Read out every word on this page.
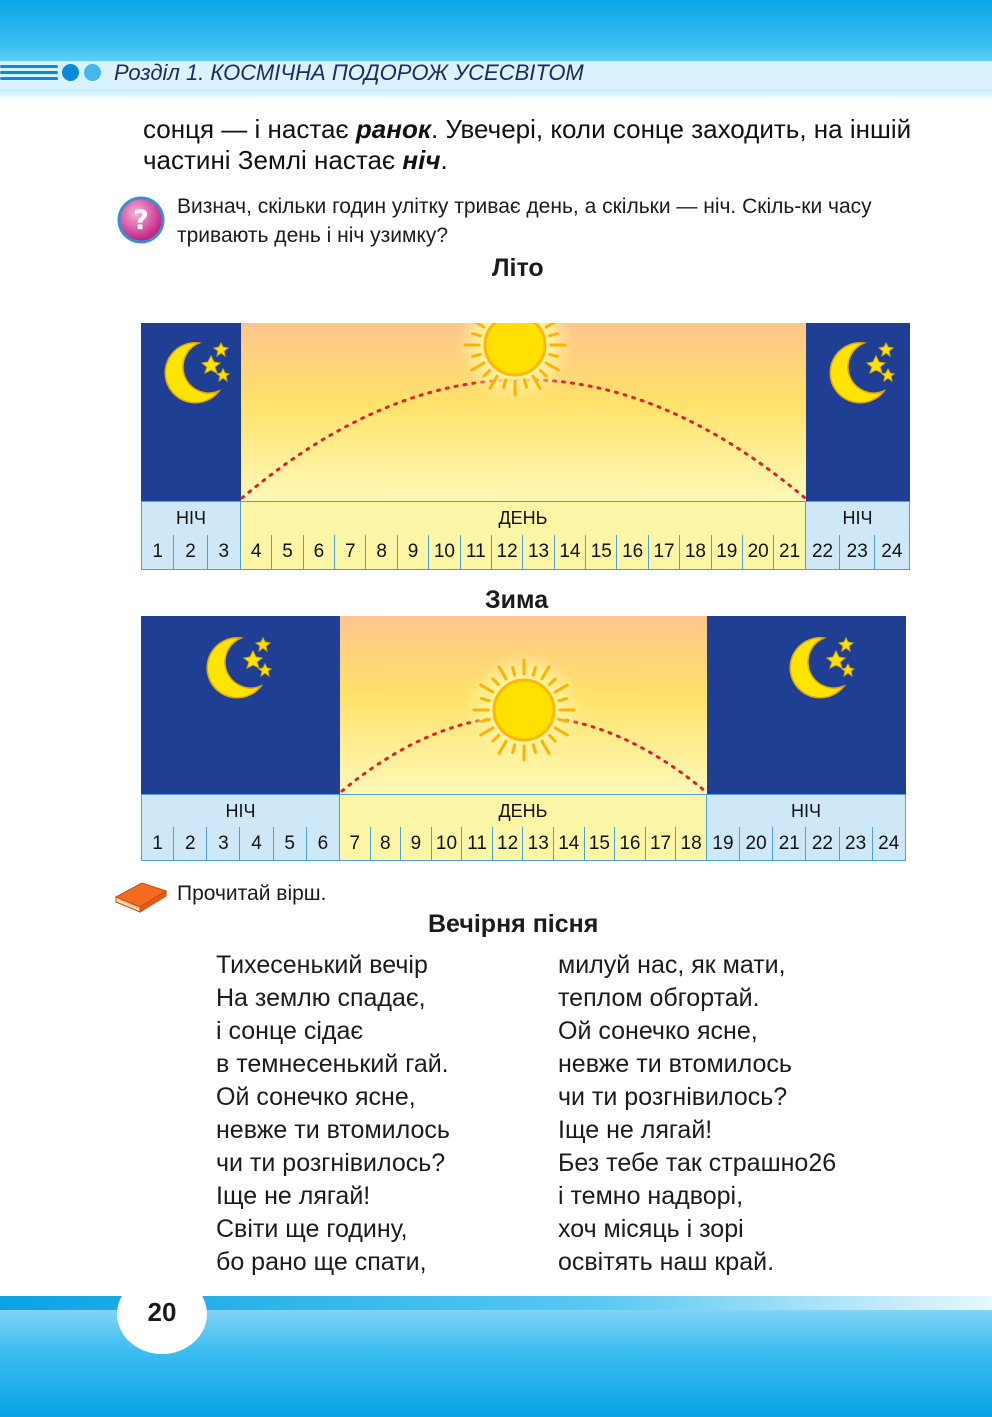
Розділ 1. КОСМІЧНА ПОДОРОЖ УСЕСВІТОМ
сонця — і настає ранок. Увечері, коли сонце заходить, на іншій частині Землі настає ніч.
? Визнач, скільки годин улітку триває день, а скільки — ніч. Скіль-ки часу тривають день і ніч узимку?
Літо
НІЧ	ДЕНЬ	НІЧ
1	2	3	4	5	6	7	8	9 10 11 12 13 14 15 16 17 18 19 20 21 22 23 24
Зима
НІЧ	ДЕНЬ	НІЧ
1	2	3	4	5	6	7	8	9 10 11 12 13 14 15 16 17 18 19 20 21 22 23 24
Прочитай вірш.
Вечірня пісня
Тихесенький вечір
На землю спадає,
і сонце сідає
в темнесенький гай.
Ой сонечко ясне,
невже ти втомилось
чи ти розгнівилось?
Іще не лягай!
Світи ще годину,
бо рано ще спати,
милуй нас, як мати,
теплом обгортай.
Ой сонечко ясне,
невже ти втомилось
чи ти розгнівилось?
Іще не лягай!
Без тебе так страшно26
і темно надворі,
хоч місяць і зорі
освітять наш край.
20
